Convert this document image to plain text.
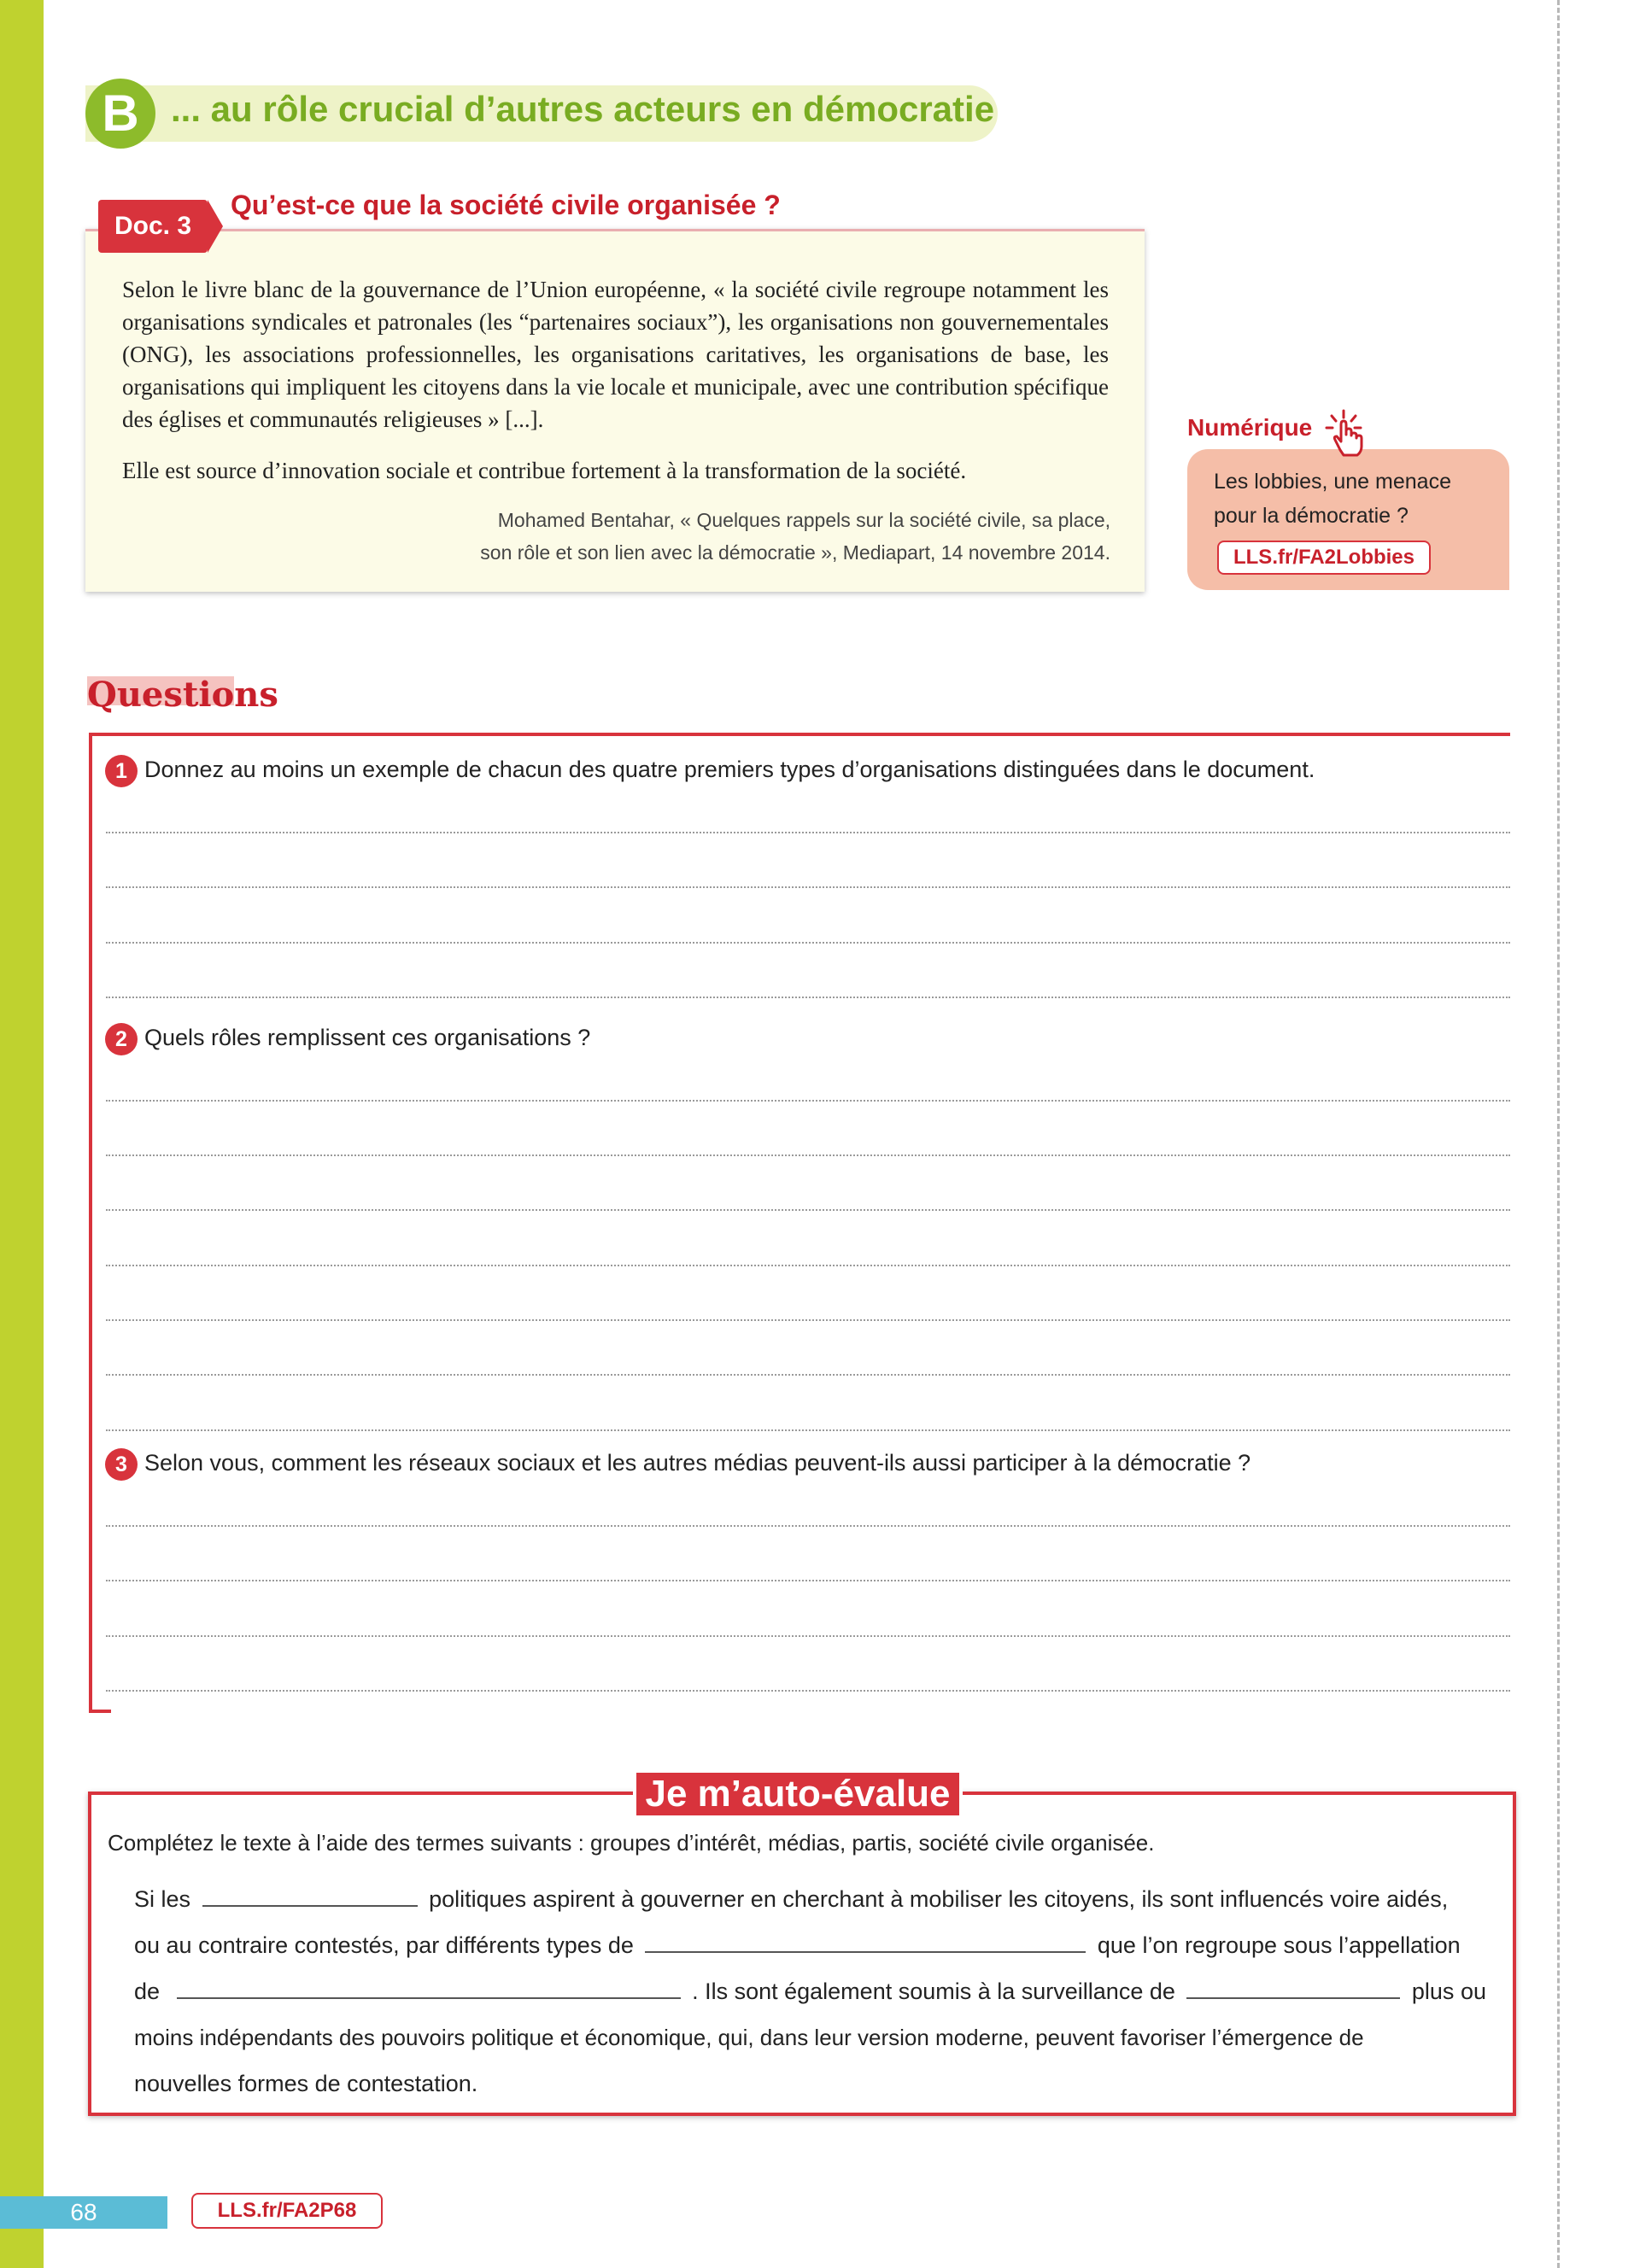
B ... au rôle crucial d’autres acteurs en démocratie
Doc. 3
Qu’est-ce que la société civile organisée ?

Selon le livre blanc de la gouvernance de l’Union européenne, « la société civile regroupe notamment les organisations syndicales et patronales (les “partenaires sociaux”), les organisations non gouvernementales (ONG), les associations professionnelles, les organisations caritatives, les organisations de base, les organisations qui impliquent les citoyens dans la vie locale et municipale, avec une contribution spécifique des églises et communautés religieuses » [...].

Elle est source d’innovation sociale et contribue fortement à la transformation de la société.

Mohamed Bentahar, « Quelques rappels sur la société civile, sa place,
son rôle et son lien avec la démocratie », Mediapart, 14 novembre 2014.

Numérique

Les lobbies, une menace
pour la démocratie ?

LLS.fr/FA2Lobbies
Questions
1 Donnez au moins un exemple de chacun des quatre premiers types d’organisations distinguées dans le document.
2 Quels rôles remplissent ces organisations ?
3 Selon vous, comment les réseaux sociaux et les autres médias peuvent-ils aussi participer à la démocratie ?
Je m’auto-évalue
Complétez le texte à l’aide des termes suivants : groupes d’intérêt, médias, partis, société civile organisée.
Si les	politiques aspirent à gouverner en cherchant à mobiliser les citoyens, ils sont influencés voire aidés,
ou au contraire contestés, par différents types de	que l’on regroupe sous l’appellation
de	. Ils sont également soumis à la surveillance de	plus ou
moins indépendants des pouvoirs politique et économique, qui, dans leur version moderne, peuvent favoriser l’émergence de
nouvelles formes de contestation.
68	LLS.fr/FA2P68
